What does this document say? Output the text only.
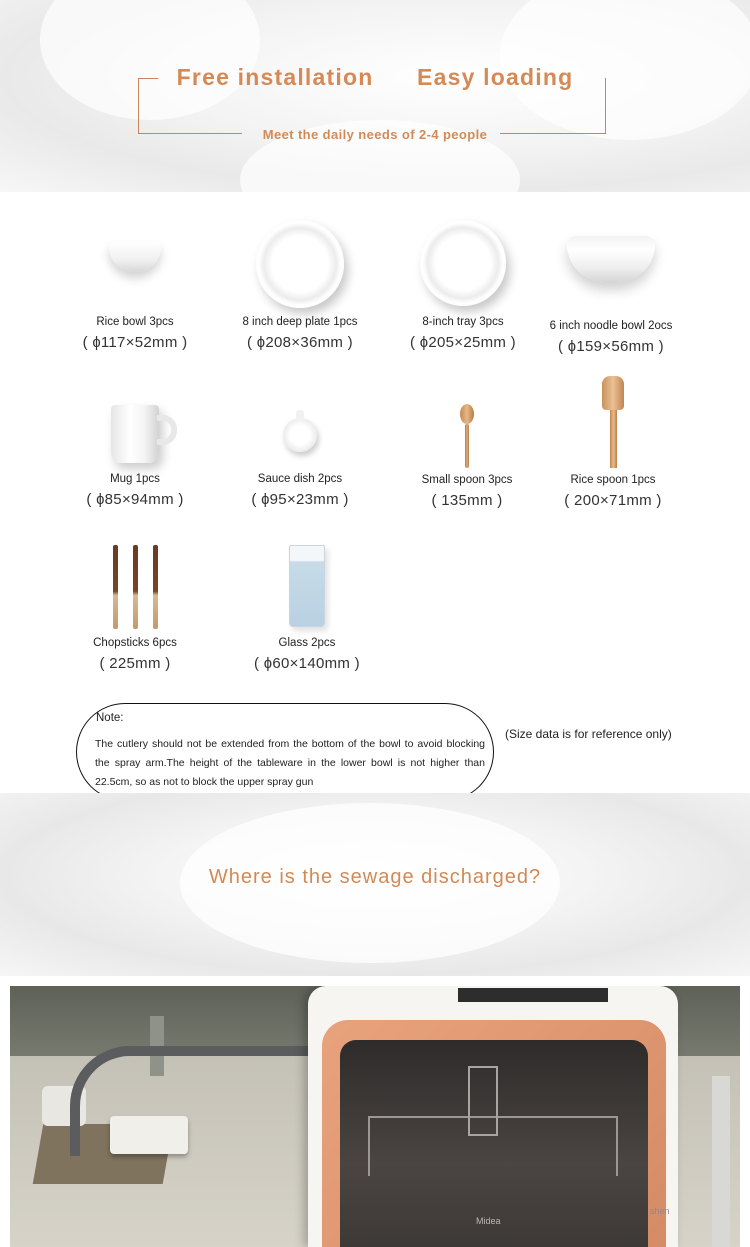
Free installation Easy loading
Meet the daily needs of 2-4 people
Rice bowl 3pcs
( ɸ117×52mm )
8 inch deep plate 1pcs
( ɸ208×36mm )
8-inch tray 3pcs
( ɸ205×25mm )
6 inch noodle bowl 2ocs
( ɸ159×56mm )
Mug 1pcs
( ɸ85×94mm )
Sauce dish 2pcs
( ɸ95×23mm )
Small spoon 3pcs
( 135mm )
Rice spoon 1pcs
( 200×71mm )
Chopsticks 6pcs
( 225mm )
Glass 2pcs
( ɸ60×140mm )
Note:
The cutlery should not be extended from the bottom of the bowl to avoid blocking the spray arm.The height of the tableware in the lower bowl is not higher than 22.5cm, so as not to block the upper spray gun
(Size data is for reference only)
Where is the sewage discharged?
Midea
shen
